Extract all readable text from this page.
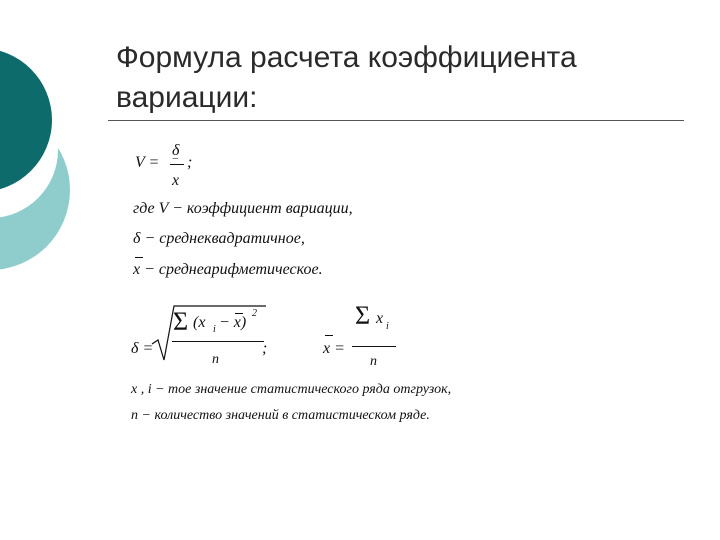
Формула расчета коэффициента
вариации:
V =
δ
‾
x
;
где V − коэффициент вариации,
δ − среднеквадратичное,
x − среднеарифметическое.
δ =
Σ (x i − x)
2
n
;	x =
Σ x i
n
x , i − тое значение статистического ряда отгрузок,
n − количество значений в статистическом ряде.
